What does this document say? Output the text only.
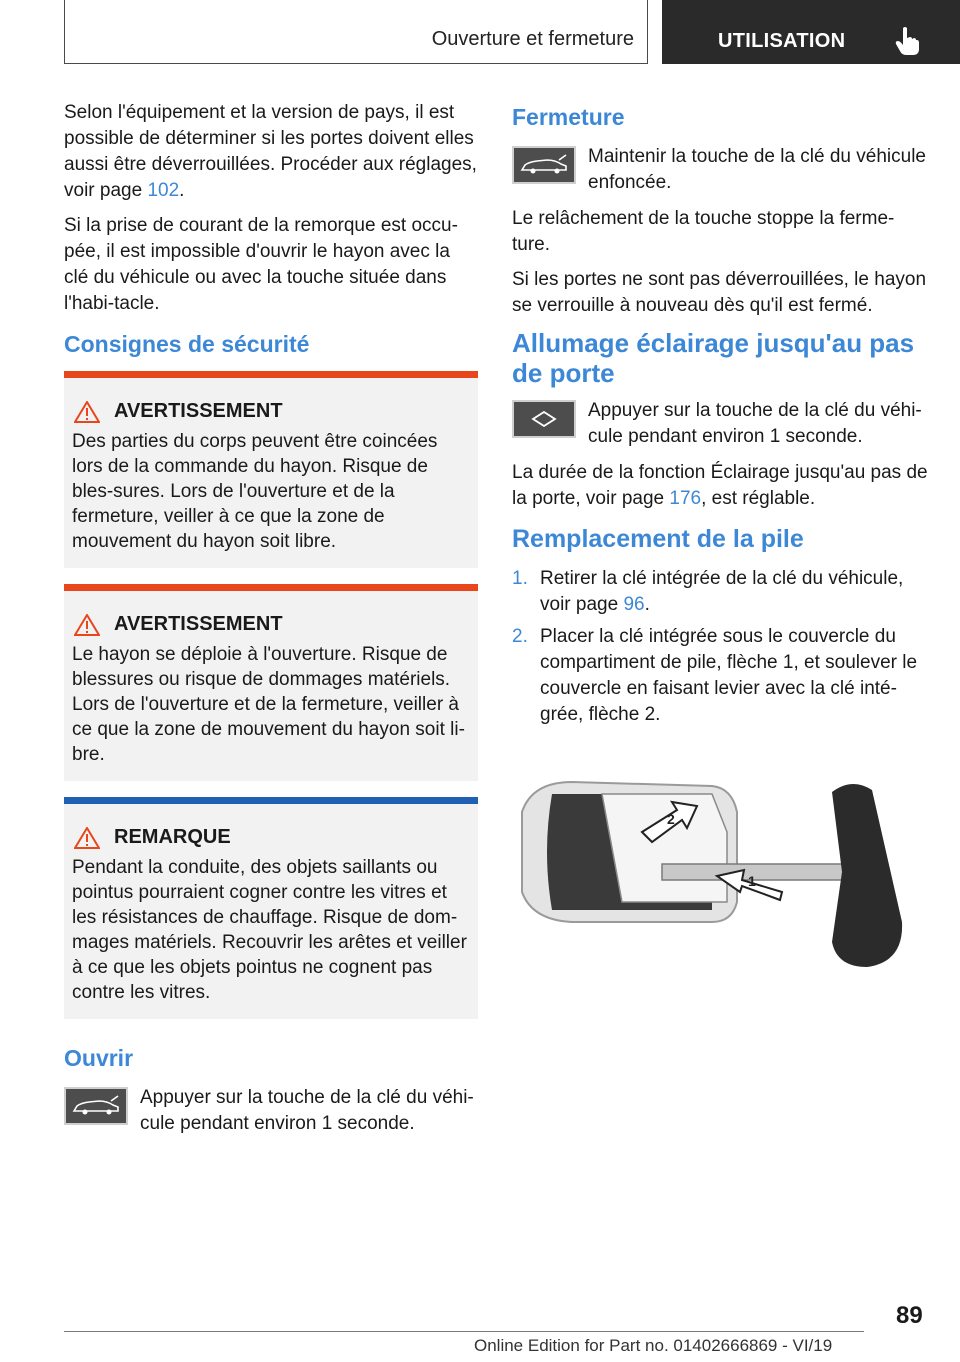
Ouverture et fermeture	UTILISATION

Selon l'équipement et la version de pays, il est possible de déterminer si les portes doivent elles aussi être déverrouillées. Procéder aux réglages, voir page 102.

Si la prise de courant de la remorque est occu‐pée, il est impossible d'ouvrir le hayon avec la clé du véhicule ou avec la touche située dans l'habi‐tacle.

Consignes de sécurité
AVERTISSEMENT

Des parties du corps peuvent être coincées lors de la commande du hayon. Risque de bles‐sures. Lors de l'ouverture et de la fermeture, veiller à ce que la zone de mouvement du hayon soit libre.

AVERTISSEMENT

Le hayon se déploie à l'ouverture. Risque de blessures ou risque de dommages matériels. Lors de l'ouverture et de la fermeture, veiller à ce que la zone de mouvement du hayon soit li‐bre.

REMARQUE

Pendant la conduite, des objets saillants ou pointus pourraient cogner contre les vitres et les résistances de chauffage. Risque de dom‐mages matériels. Recouvrir les arêtes et veiller à ce que les objets pointus ne cognent pas contre les vitres.

Ouvrir

Appuyer sur la touche de la clé du véhi‐cule pendant environ 1 seconde.

Fermeture

Maintenir la touche de la clé du véhicule enfoncée.

Le relâchement de la touche stoppe la ferme‐ture.

Si les portes ne sont pas déverrouillées, le hayon se verrouille à nouveau dès qu'il est fermé.

Allumage éclairage jusqu'au pas de porte

Appuyer sur la touche de la clé du véhi‐cule pendant environ 1 seconde.

La durée de la fonction Éclairage jusqu'au pas de la porte, voir page 176, est réglable.

Remplacement de la pile
1. Retirer la clé intégrée de la clé du véhicule, voir page 96.
2. Placer la clé intégrée sous le couvercle du compartiment de pile, flèche 1, et soulever le couvercle en faisant levier avec la clé inté‐grée, flèche 2.
2
1
89
Online Edition for Part no. 01402666869 - VI/19
